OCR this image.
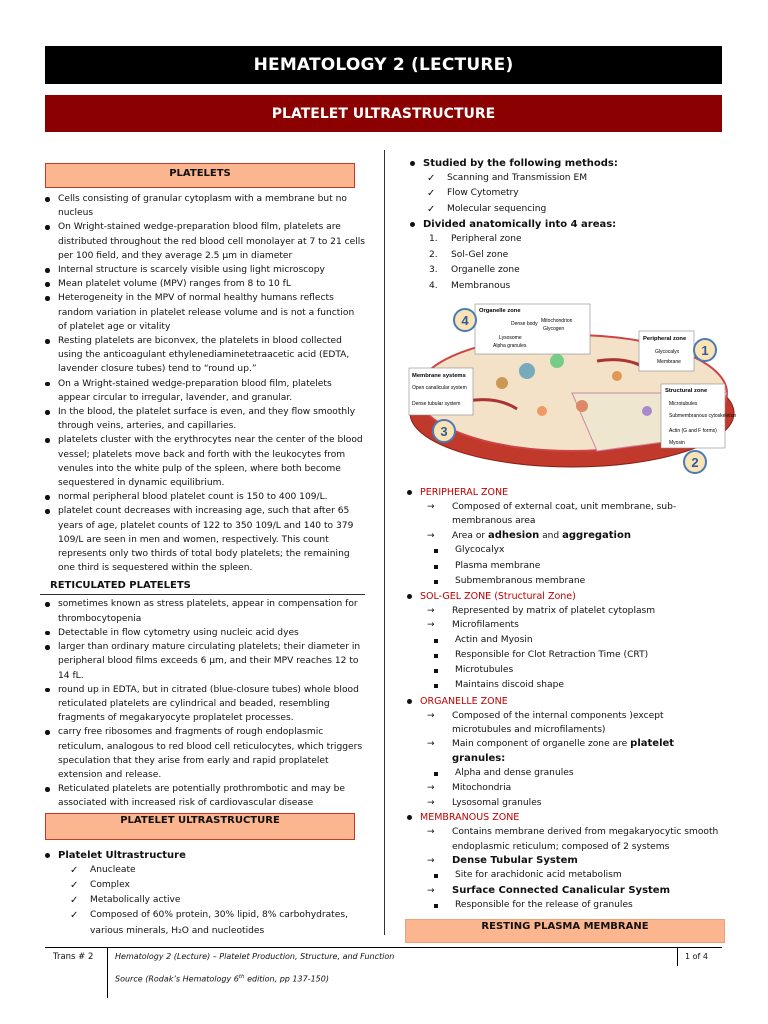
HEMATOLOGY 2 (LECTURE)
PLATELET ULTRASTRUCTURE
PLATELETS
Cells consisting of granular cytoplasm with a membrane but no nucleus
On Wright-stained wedge-preparation blood film, platelets are distributed throughout the red blood cell monolayer at 7 to 21 cells per 100 field, and they average 2.5 µm in diameter
Internal structure is scarcely visible using light microscopy
Mean platelet volume (MPV) ranges from 8 to 10 fL
Heterogeneity in the MPV of normal healthy humans reflects random variation in platelet release volume and is not a function of platelet age or vitality
Resting platelets are biconvex, the platelets in blood collected using the anticoagulant ethylenediaminetetraacetic acid (EDTA, lavender closure tubes) tend to “round up.”
On a Wright-stained wedge-preparation blood film, platelets appear circular to irregular, lavender, and granular.
In the blood, the platelet surface is even, and they flow smoothly through veins, arteries, and capillaries.
platelets cluster with the erythrocytes near the center of the blood vessel; platelets move back and forth with the leukocytes from venules into the white pulp of the spleen, where both become sequestered in dynamic equilibrium.
normal peripheral blood platelet count is 150 to 400 109/L.
platelet count decreases with increasing age, such that after 65 years of age, platelet counts of 122 to 350 109/L and 140 to 379 109/L are seen in men and women, respectively. This count represents only two thirds of total body platelets; the remaining one third is sequestered within the spleen.
RETICULATED PLATELETS
sometimes known as stress platelets, appear in compensation for thrombocytopenia
Detectable in flow cytometry using nucleic acid dyes
larger than ordinary mature circulating platelets; their diameter in peripheral blood films exceeds 6 µm, and their MPV reaches 12 to 14 fL.
round up in EDTA, but in citrated (blue-closure tubes) whole blood reticulated platelets are cylindrical and beaded, resembling fragments of megakaryocyte proplatelet processes.
carry free ribosomes and fragments of rough endoplasmic reticulum, analogous to red blood cell reticulocytes, which triggers speculation that they arise from early and rapid proplatelet extension and release.
Reticulated platelets are potentially prothrombotic and may be associated with increased risk of cardiovascular disease
PLATELET ULTRASTRUCTURE
Platelet Ultrastructure
✓ Anucleate
✓ Complex
✓ Metabolically active
✓ Composed of 60% protein, 30% lipid, 8% carbohydrates, various minerals, H₂O and nucleotides
Studied by the following methods:
✓ Scanning and Transmission EM
✓ Flow Cytometry
✓ Molecular sequencing
Divided anatomically into 4 areas:
1. Peripheral zone
2. Sol-Gel zone
3. Organelle zone
4. Membranous
Organelle zone
Dense body Mitochondrion
Glycogen
Lysosome
Alpha granules
Peripheral zone
Glycocalyx
Membrane
Membrane systems
Open canalicular system
Dense tubular system
Structural zone
Microtubules
Submembranous cytoskeleton
Actin (G and F forms)
Myosin
4
1
3
2
PERIPHERAL ZONE
→ Composed of external coat, unit membrane, sub-membranous area
→ Area or adhesion and aggregation
Glycocalyx
Plasma membrane
Submembranous membrane
SOL-GEL ZONE (Structural Zone)
→ Represented by matrix of platelet cytoplasm
→ Microfilaments
Actin and Myosin
Responsible for Clot Retraction Time (CRT)
Microtubules
Maintains discoid shape
ORGANELLE ZONE
→ Composed of the internal components )except microtubules and microfilaments)
→ Main component of organelle zone are platelet granules:
Alpha and dense granules
→ Mitochondria
→ Lysosomal granules
MEMBRANOUS ZONE
→ Contains membrane derived from megakaryocytic smooth endoplasmic reticulum; composed of 2 systems
→ Dense Tubular System
Site for arachidonic acid metabolism
→ Surface Connected Canalicular System
Responsible for the release of granules
RESTING PLASMA MEMBRANE
Trans # 2	Hematology 2 (Lecture) – Platelet Production, Structure, and Function
Source (Rodak’s Hematology 6th edition, pp 137-150)
1 of 4
